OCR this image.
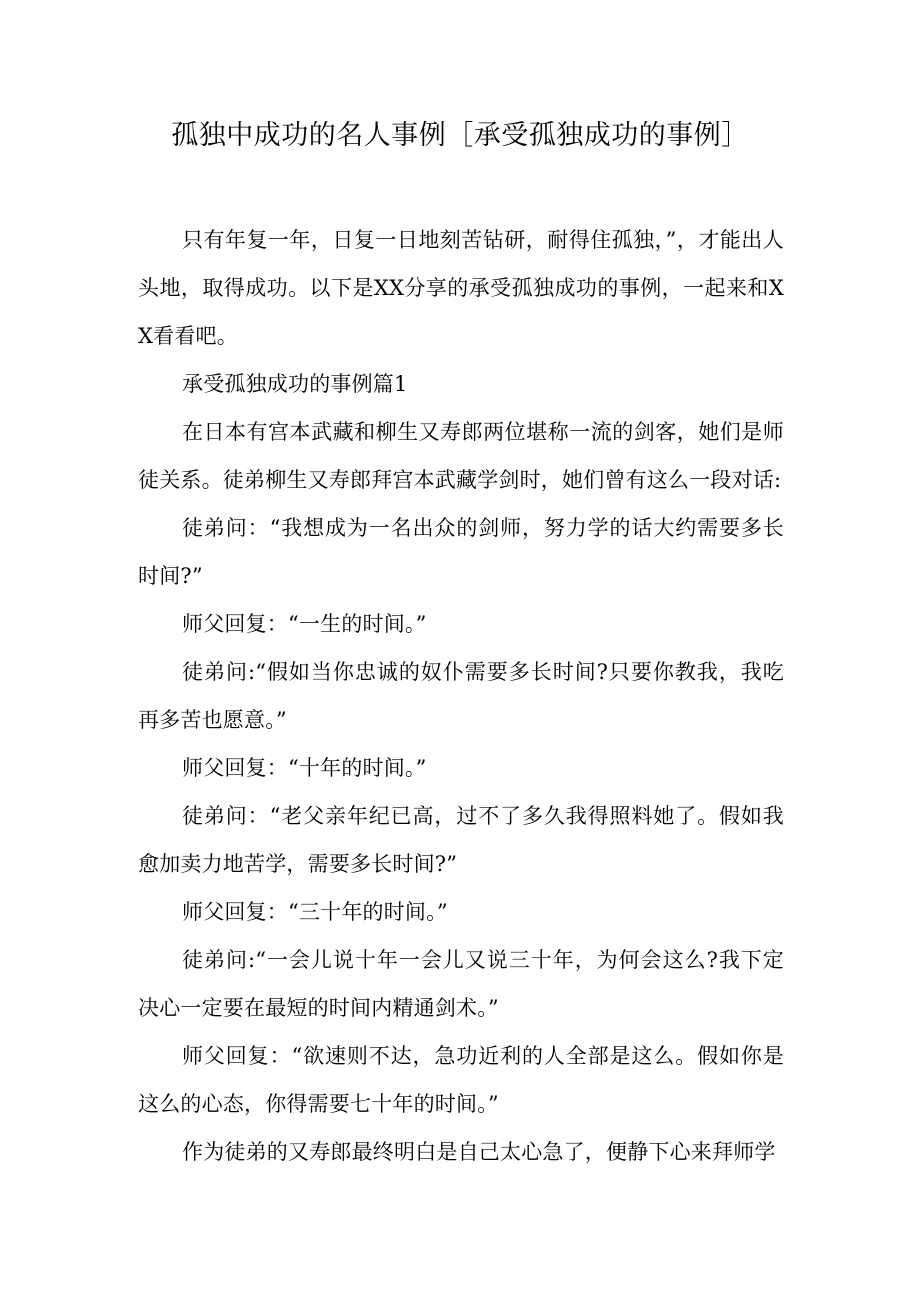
孤独中成功的名人事例［承受孤独成功的事例］

只有年复一年，日复一日地刻苦钻研，耐得住孤独，”，才能出人头地，取得成功。以下是XX分享的承受孤独成功的事例，一起来和XX看看吧。

承受孤独成功的事例篇1

在日本有宫本武藏和柳生又寿郎两位堪称一流的剑客，她们是师徒关系。徒弟柳生又寿郎拜宫本武藏学剑时，她们曾有这么一段对话:

徒弟问：“我想成为一名出众的剑师，努力学的话大约需要多长时间?”

师父回复：“一生的时间。”

徒弟问:“假如当你忠诚的奴仆需要多长时间?只要你教我，我吃再多苦也愿意。”

师父回复：“十年的时间。”

徒弟问：“老父亲年纪已高，过不了多久我得照料她了。假如我愈加卖力地苦学，需要多长时间?”

师父回复：“三十年的时间。”

徒弟问:“一会儿说十年一会儿又说三十年，为何会这么?我下定决心一定要在最短的时间内精通剑术。”

师父回复：“欲速则不达，急功近利的人全部是这么。假如你是这么的心态，你得需要七十年的时间。”

作为徒弟的又寿郎最终明白是自己太心急了，便静下心来拜师学
